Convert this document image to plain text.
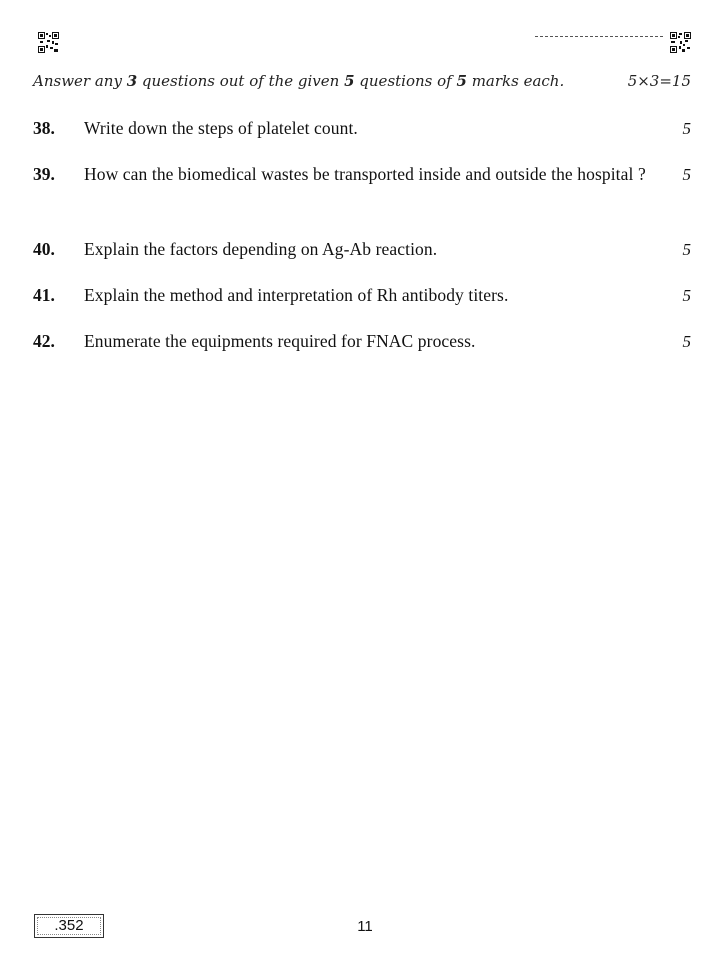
Answer any 3 questions out of the given 5 questions of 5 marks each.	5×3=15
38. Write down the steps of platelet count.	5
39. How can the biomedical wastes be transported inside and outside the hospital ?	5
40. Explain the factors depending on Ag-Ab reaction.	5
41. Explain the method and interpretation of Rh antibody titers.	5
42. Enumerate the equipments required for FNAC process.	5
.352	11
